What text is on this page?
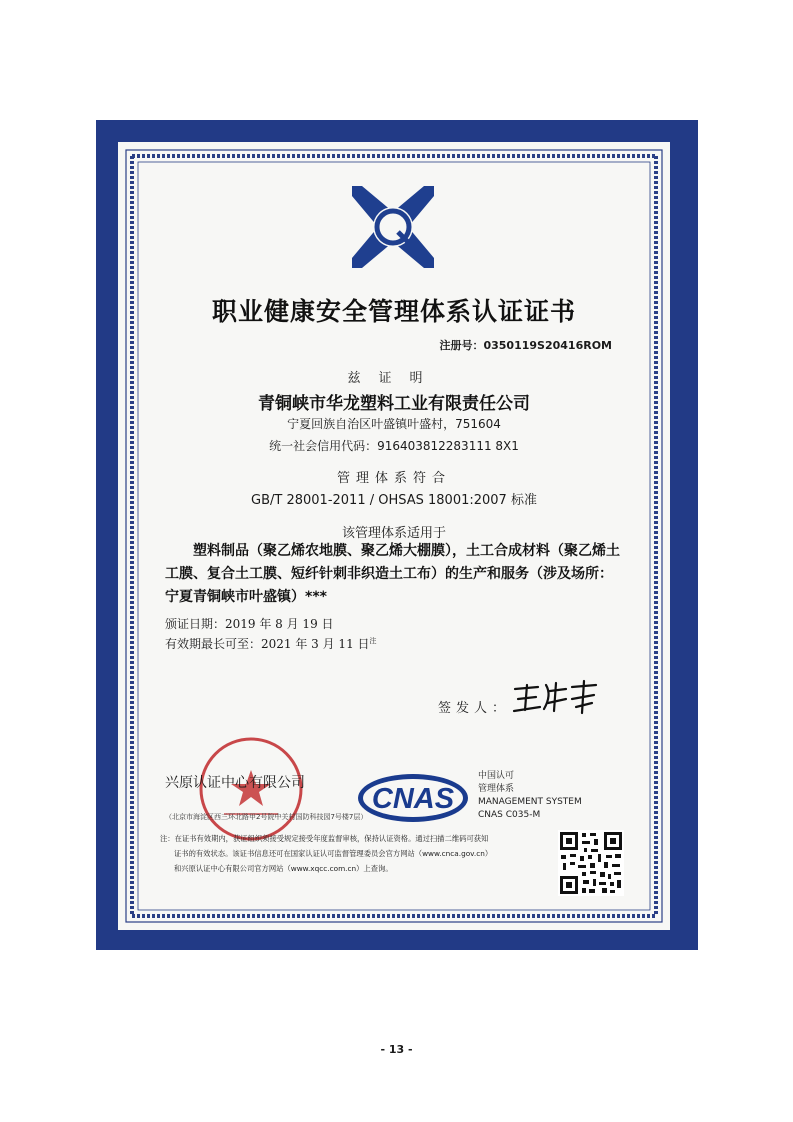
职业健康安全管理体系认证证书
注册号：0350119S20416ROM
兹证明
青铜峡市华龙塑料工业有限责任公司
宁夏回族自治区叶盛镇叶盛村，751604
统一社会信用代码：916403812283111 8X1
管理体系符合
GB/T 28001-2011 / OHSAS 18001:2007 标准
该管理体系适用于
塑料制品（聚乙烯农地膜、聚乙烯大棚膜），土工合成材料（聚乙烯土工膜、复合土工膜、短纤针刺非织造土工布）的生产和服务（涉及场所：宁夏青铜峡市叶盛镇）***
颁证日期：2019 年 8 月 19 日
有效期最长可至：2021 年 3 月 11 日$^注$
签发人：
兴原认证中心有限公司
（北京市海淀区西三环北路甲2号院中关村国防科技园7号楼7层）
CNAS
中国认可
管理体系
MANAGEMENT SYSTEM
CNAS C035-M
注：在证书有效期内，获证组织须接受规定接受年度监督审核，保持认证资格。通过扫描二维码可获知
证书的有效状态。该证书信息还可在国家认证认可监督管理委员会官方网站（www.cnca.gov.cn）
和兴原认证中心有限公司官方网站（www.xqcc.com.cn）上查询。
- 13 -
